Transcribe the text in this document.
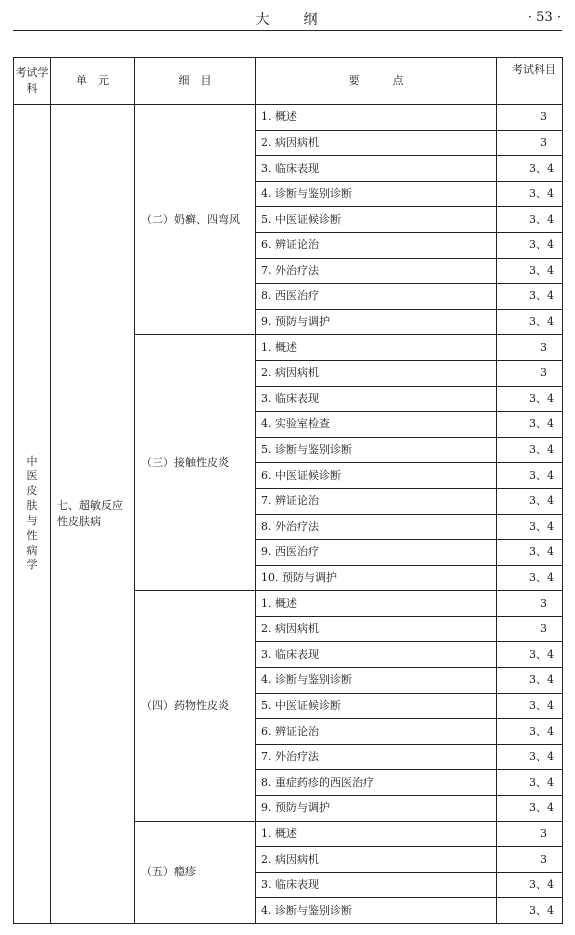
大　　纲	· 53 ·
考试学科	单　元	细　目	要　　　点	考试科目
中医皮肤与性病学	七、超敏反应性皮肤病	（二）奶癣、四弯风	1. 概述	3
			2. 病因病机	3
			3. 临床表现	3、4
			4. 诊断与鉴别诊断	3、4
			5. 中医证候诊断	3、4
			6. 辨证论治	3、4
			7. 外治疗法	3、4
			8. 西医治疗	3、4
			9. 预防与调护	3、4
		（三）接触性皮炎	1. 概述	3
			2. 病因病机	3
			3. 临床表现	3、4
			4. 实验室检查	3、4
			5. 诊断与鉴别诊断	3、4
			6. 中医证候诊断	3、4
			7. 辨证论治	3、4
			8. 外治疗法	3、4
			9. 西医治疗	3、4
			10. 预防与调护	3、4
		（四）药物性皮炎	1. 概述	3
			2. 病因病机	3
			3. 临床表现	3、4
			4. 诊断与鉴别诊断	3、4
			5. 中医证候诊断	3、4
			6. 辨证论治	3、4
			7. 外治疗法	3、4
			8. 重症药疹的西医治疗	3、4
			9. 预防与调护	3、4
		（五）瘾疹	1. 概述	3
			2. 病因病机	3
			3. 临床表现	3、4
			4. 诊断与鉴别诊断	3、4
